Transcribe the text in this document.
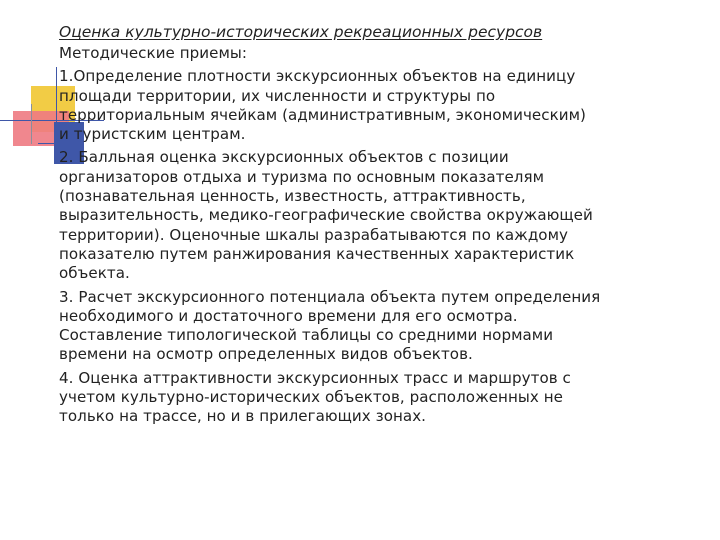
Оценка культурно-исторических рекреационных ресурсов

Методические приемы:

1.Определение плотности экскурсионных объектов на единицу
площади территории, их численности и структуры по
территориальным ячейкам (административным, экономическим)
и туристским центрам.

2. Балльная оценка экскурсионных объектов с позиции
организаторов отдыха и туризма по основным показателям
(познавательная ценность, известность, аттрактивность,
выразительность, медико-географические свойства окружающей
территории). Оценочные шкалы разрабатываются по каждому
показателю путем ранжирования качественных характеристик
объекта.

3. Расчет экскурсионного потенциала объекта путем определения
необходимого и достаточного времени для его осмотра.
Составление типологической таблицы со средними нормами
времени на осмотр определенных видов объектов.

4. Оценка аттрактивности экскурсионных трасс и маршрутов с
учетом культурно-исторических объектов, расположенных не
только на трассе, но и в прилегающих зонах.
